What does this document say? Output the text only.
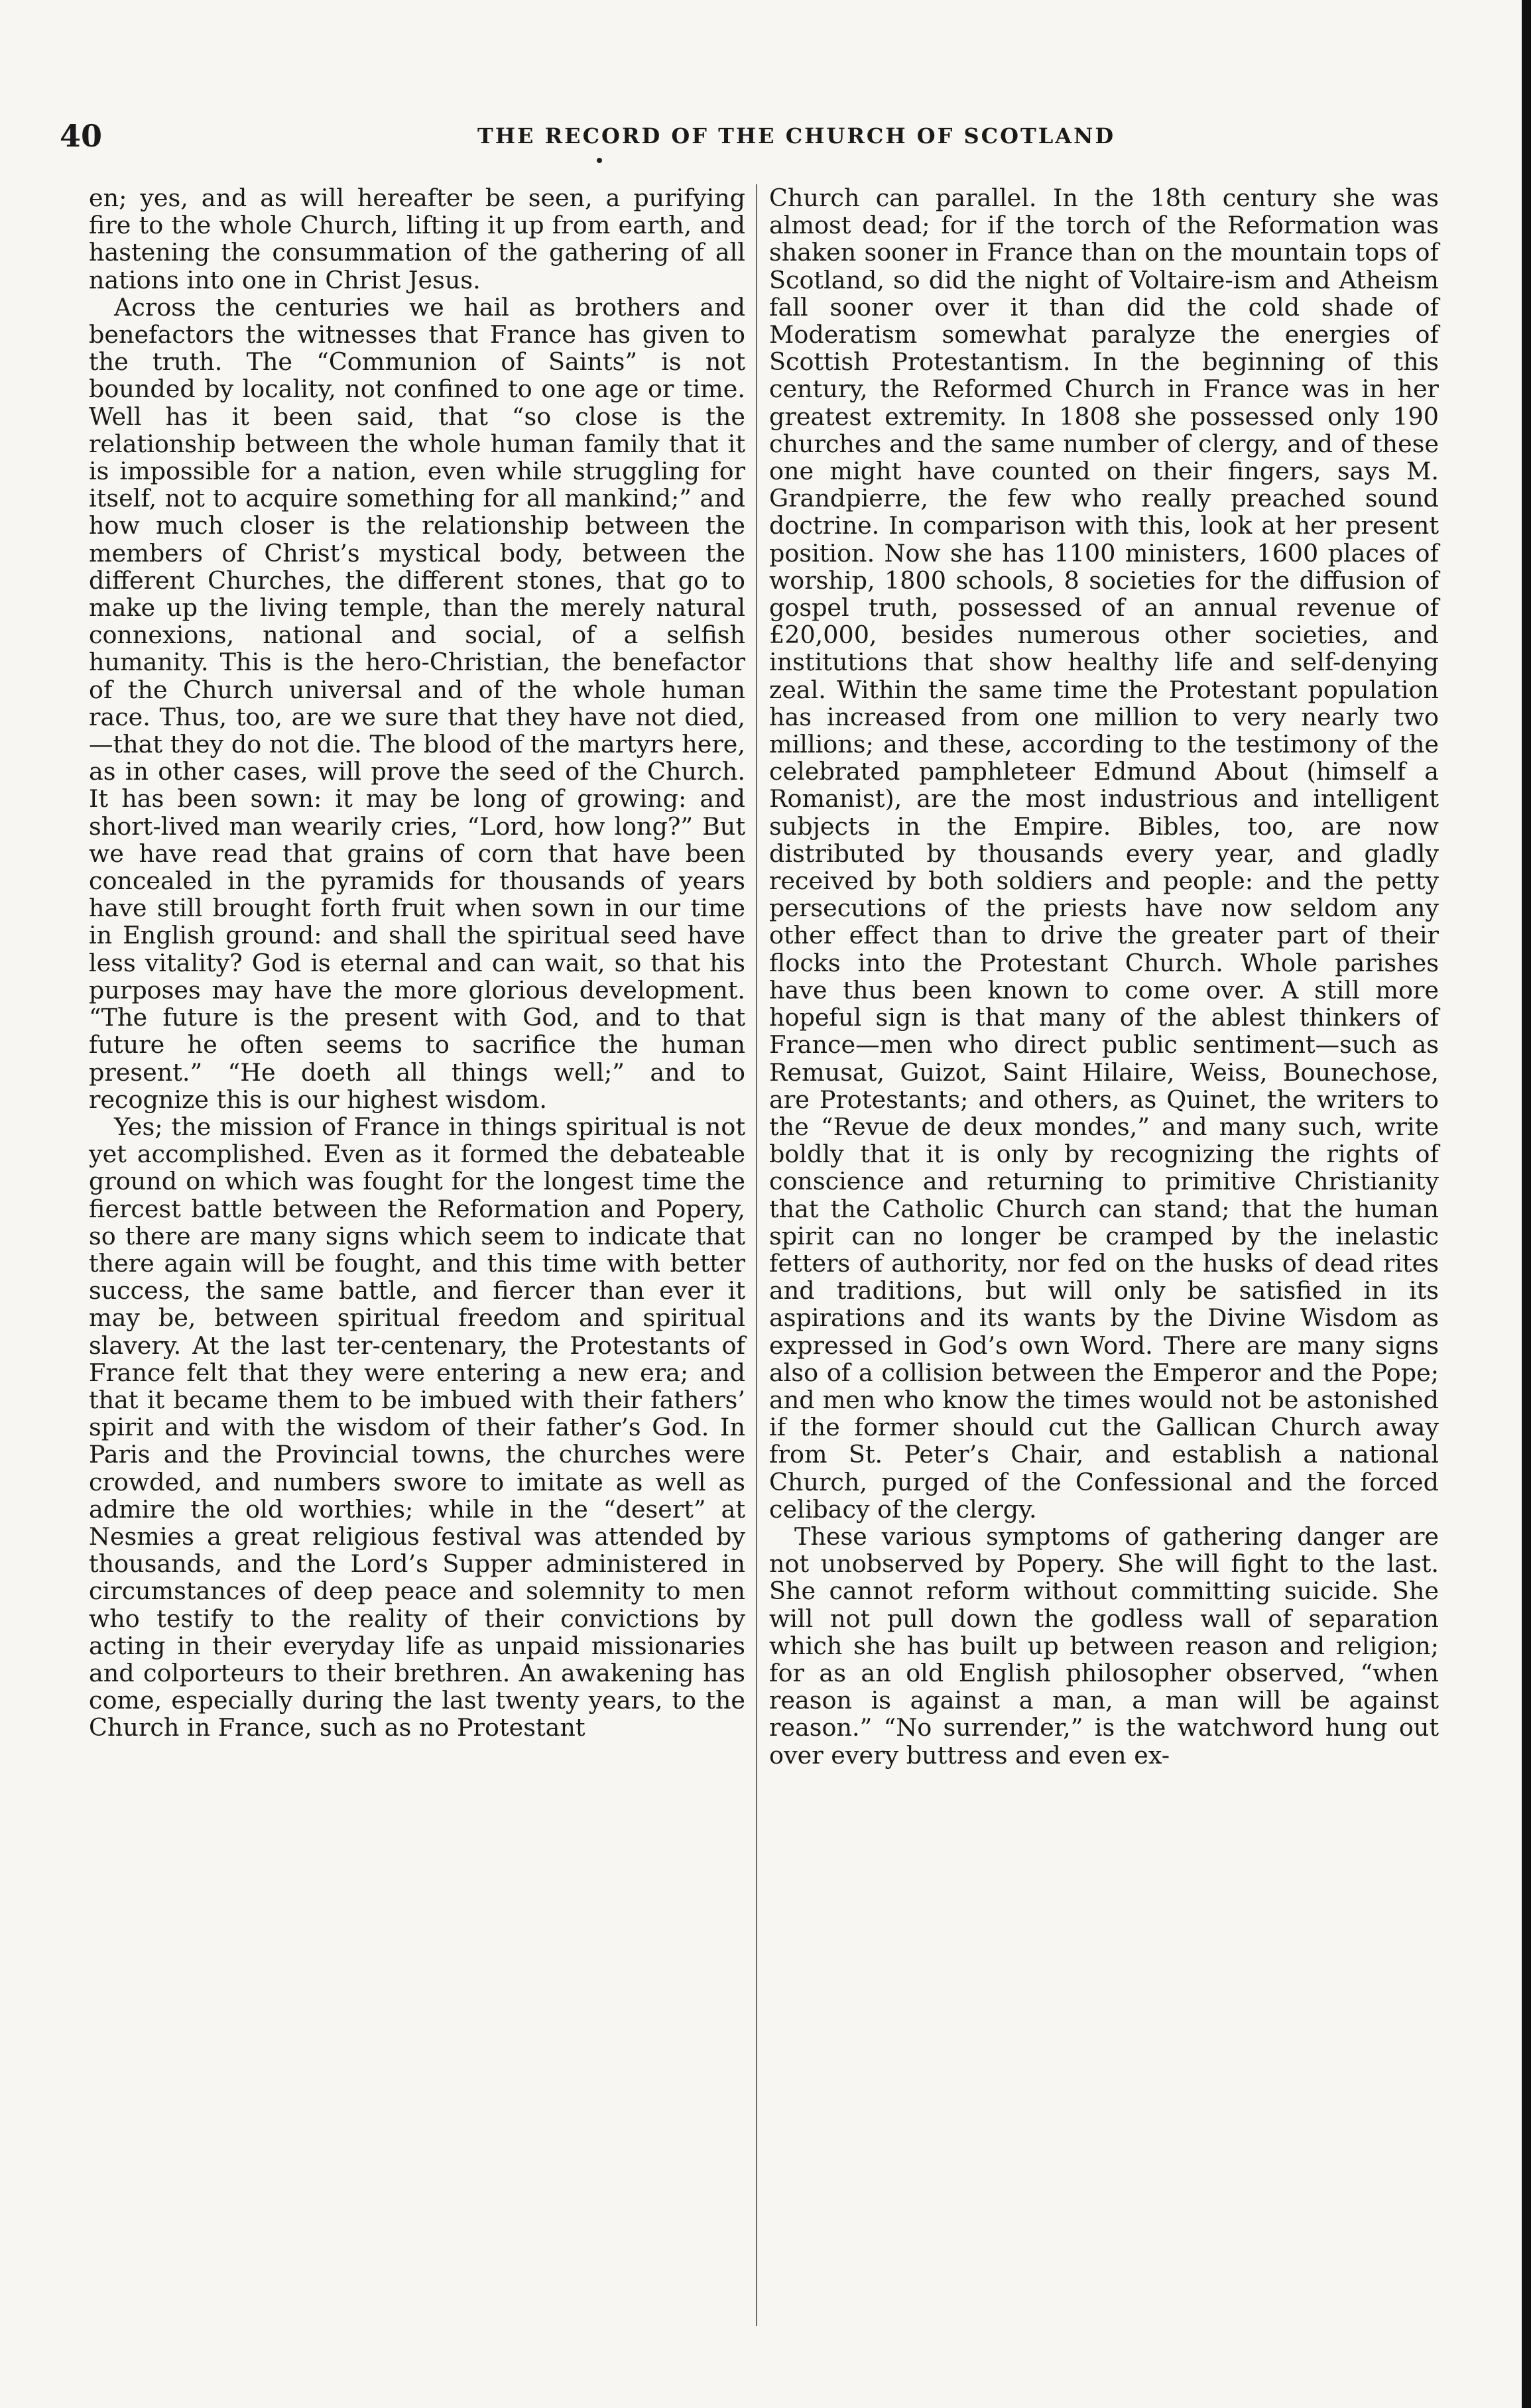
40	THE RECORD OF THE CHURCH OF SCOTLAND

en; yes, and as will hereafter be seen, a purifying fire to the whole Church, lifting it up from earth, and hastening the consummation of the gathering of all nations into one in Christ Jesus.

Across the centuries we hail as brothers and benefactors the witnesses that France has given to the truth. The “Communion of Saints” is not bounded by locality, not confined to one age or time. Well has it been said, that “so close is the relationship between the whole human family that it is impossible for a nation, even while struggling for itself, not to acquire something for all mankind;” and how much closer is the relationship between the members of Christ’s mystical body, between the different Churches, the different stones, that go to make up the living temple, than the merely natural connexions, national and social, of a selfish humanity. This is the hero-Christian, the benefactor of the Church universal and of the whole human race. Thus, too, are we sure that they have not died,—that they do not die. The blood of the martyrs here, as in other cases, will prove the seed of the Church. It has been sown: it may be long of growing: and short-lived man wearily cries, “Lord, how long?” But we have read that grains of corn that have been concealed in the pyramids for thousands of years have still brought forth fruit when sown in our time in English ground: and shall the spiritual seed have less vitality? God is eternal and can wait, so that his purposes may have the more glorious development. “The future is the present with God, and to that future he often seems to sacrifice the human present.” “He doeth all things well;” and to recognize this is our highest wisdom.

Yes; the mission of France in things spiritual is not yet accomplished. Even as it formed the debateable ground on which was fought for the longest time the fiercest battle between the Reformation and Popery, so there are many signs which seem to indicate that there again will be fought, and this time with better success, the same battle, and fiercer than ever it may be, between spiritual freedom and spiritual slavery. At the last ter-centenary, the Protestants of France felt that they were entering a new era; and that it became them to be imbued with their fathers’ spirit and with the wisdom of their father’s God. In Paris and the Provincial towns, the churches were crowded, and numbers swore to imitate as well as admire the old worthies; while in the “desert” at Nesmies a great religious festival was attended by thousands, and the Lord’s Supper administered in circumstances of deep peace and solemnity to men who testify to the reality of their convictions by acting in their everyday life as unpaid missionaries and colporteurs to their brethren. An awakening has come, especially during the last twenty years, to the Church in France, such as no Protestant

Church can parallel. In the 18th century she was almost dead; for if the torch of the Reformation was shaken sooner in France than on the mountain tops of Scotland, so did the night of Voltaire-ism and Atheism fall sooner over it than did the cold shade of Moderatism somewhat paralyze the energies of Scottish Protestantism. In the beginning of this century, the Reformed Church in France was in her greatest extremity. In 1808 she possessed only 190 churches and the same number of clergy, and of these one might have counted on their fingers, says M. Grandpierre, the few who really preached sound doctrine. In comparison with this, look at her present position. Now she has 1100 ministers, 1600 places of worship, 1800 schools, 8 societies for the diffusion of gospel truth, possessed of an annual revenue of £20,000, besides numerous other societies, and institutions that show healthy life and self-denying zeal. Within the same time the Protestant population has increased from one million to very nearly two millions; and these, according to the testimony of the celebrated pamphleteer Edmund About (himself a Romanist), are the most industrious and intelligent subjects in the Empire. Bibles, too, are now distributed by thousands every year, and gladly received by both soldiers and people: and the petty persecutions of the priests have now seldom any other effect than to drive the greater part of their flocks into the Protestant Church. Whole parishes have thus been known to come over. A still more hopeful sign is that many of the ablest thinkers of France—men who direct public sentiment—such as Remusat, Guizot, Saint Hilaire, Weiss, Bounechose, are Protestants; and others, as Quinet, the writers to the “Revue de deux mondes,” and many such, write boldly that it is only by recognizing the rights of conscience and returning to primitive Christianity that the Catholic Church can stand; that the human spirit can no longer be cramped by the inelastic fetters of authority, nor fed on the husks of dead rites and traditions, but will only be satisfied in its aspirations and its wants by the Divine Wisdom as expressed in God’s own Word. There are many signs also of a collision between the Emperor and the Pope; and men who know the times would not be astonished if the former should cut the Gallican Church away from St. Peter’s Chair, and establish a national Church, purged of the Confessional and the forced celibacy of the clergy.

These various symptoms of gathering danger are not unobserved by Popery. She will fight to the last. She cannot reform without committing suicide. She will not pull down the godless wall of separation which she has built up between reason and religion; for as an old English philosopher observed, “when reason is against a man, a man will be against reason.” “No surrender,” is the watchword hung out over every buttress and even ex-
